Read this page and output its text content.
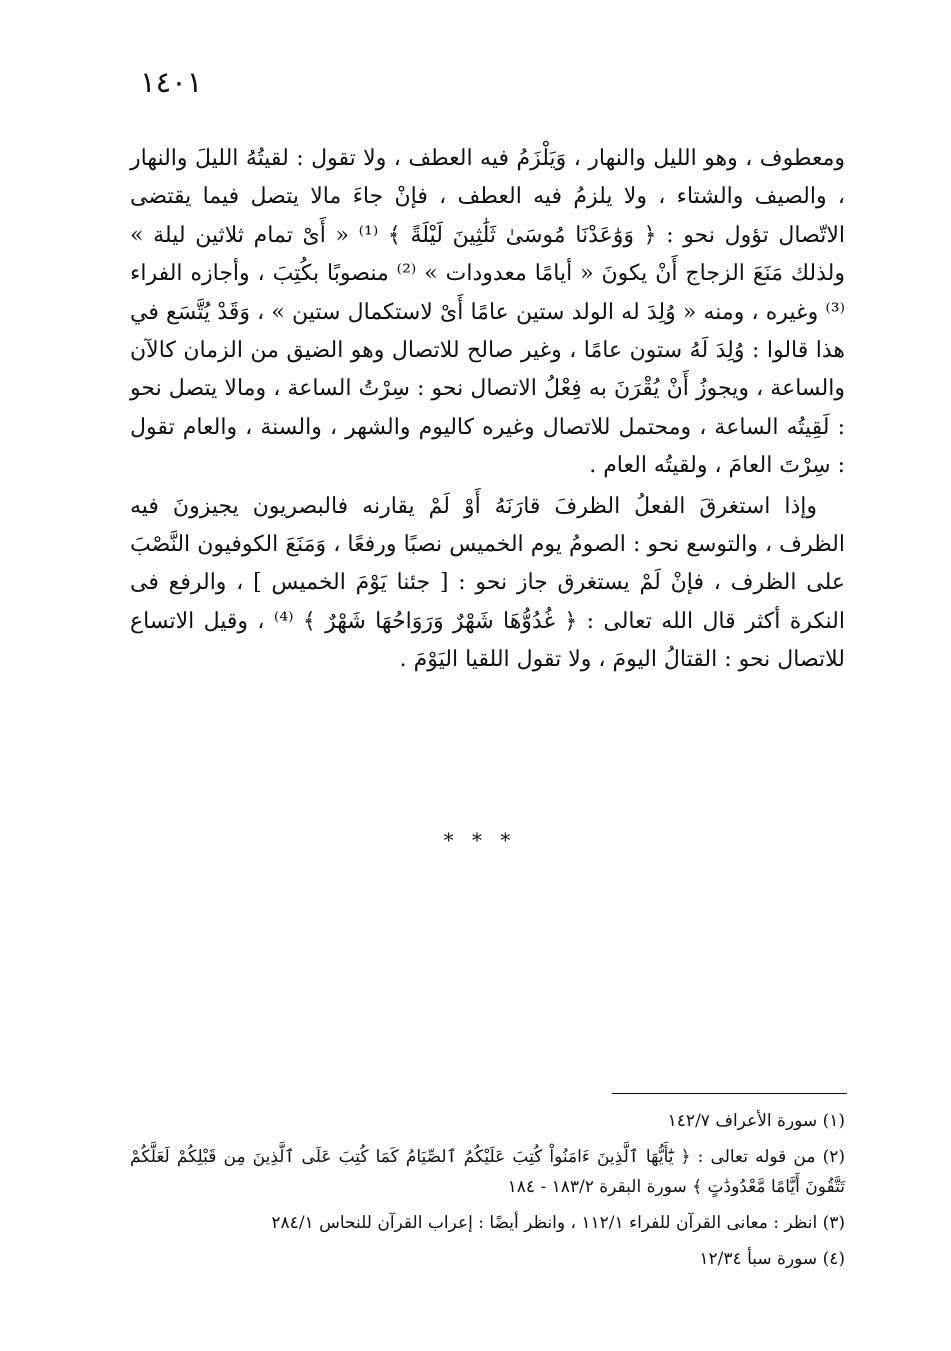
١٤٠١

ومعطوف ، وهو الليل والنهار ، وَيَلْزَمُ فيه العطف ، ولا تقول : لقيتُهُ الليلَ والنهار ، والصيف والشتاء ، ولا يلزمُ فيه العطف ، فإنْ جاءَ مالا يتصل فيما يقتضى الاتّصال تؤول نحو : ﴿ وَوَٰعَدْنَا مُوسَىٰ ثَلَٰثِينَ لَيْلَةً ﴾ ⁽¹⁾ « أَىْ تمام ثلاثين ليلة » ولذلك مَنَعَ الزجاج أَنْ يكونَ « أيامًا معدودات » ⁽²⁾ منصوبًا بكُتِبَ ، وأجازه الفراء ⁽³⁾ وغيره ، ومنه « وُلِدَ له الولد ستين عامًا أَىْ لاستكمال ستين » ، وَقَدْ يُتَّسَع في هذا قالوا : وُلِدَ لَهُ ستون عامًا ، وغير صالح للاتصال وهو الضيق من الزمان كالآن والساعة ، ويجوزُ أَنْ يُقْرَنَ به فِعْلُ الاتصال نحو : سِرْتُ الساعة ، ومالا يتصل نحو : لَقِيتُه الساعة ، ومحتمل للاتصال وغيره كاليوم والشهر ، والسنة ، والعام تقول : سِرْتَ العامَ ، ولقيتُه العام .

وإذا استغرقَ الفعلُ الظرفَ قارَنَهُ أَوْ لَمْ يقارنه فالبصريون يجيزونَ فيه الظرف ، والتوسع نحو : الصومُ يوم الخميس نصبًا ورفعًا ، وَمَنَعَ الكوفيون النَّصْبَ على الظرف ، فإنْ لَمْ يستغرق جاز نحو : [ جئنا يَوْمَ الخميس ] ، والرفع فى النكرة أكثر قال الله تعالى : ﴿ غُدُوُّهَا شَهْرٌ وَرَوَاحُهَا شَهْرٌ ﴾ ⁽⁴⁾ ، وقيل الاتساع للاتصال نحو : القتالُ اليومَ ، ولا تقول اللقيا اليَوْمَ .

* * *

(١) سورة الأعراف ١٤٢/٧

(٢) من قوله تعالى : ﴿ يَٰٓأَيُّهَا ٱلَّذِينَ ءَامَنُواْ كُتِبَ عَلَيْكُمُ ٱلصِّيَامُ كَمَا كُتِبَ عَلَى ٱلَّذِينَ مِن قَبْلِكُمْ لَعَلَّكُمْ تَتَّقُونَ أَيَّامًا مَّعْدُودَٰتٍ ﴾ سورة البقرة ١٨٣/٢ - ١٨٤

(٣) انظر : معانى القرآن للفراء ١١٢/١ ، وانظر أيضًا : إعراب القرآن للنحاس ٢٨٤/١

(٤) سورة سبأ ١٢/٣٤
